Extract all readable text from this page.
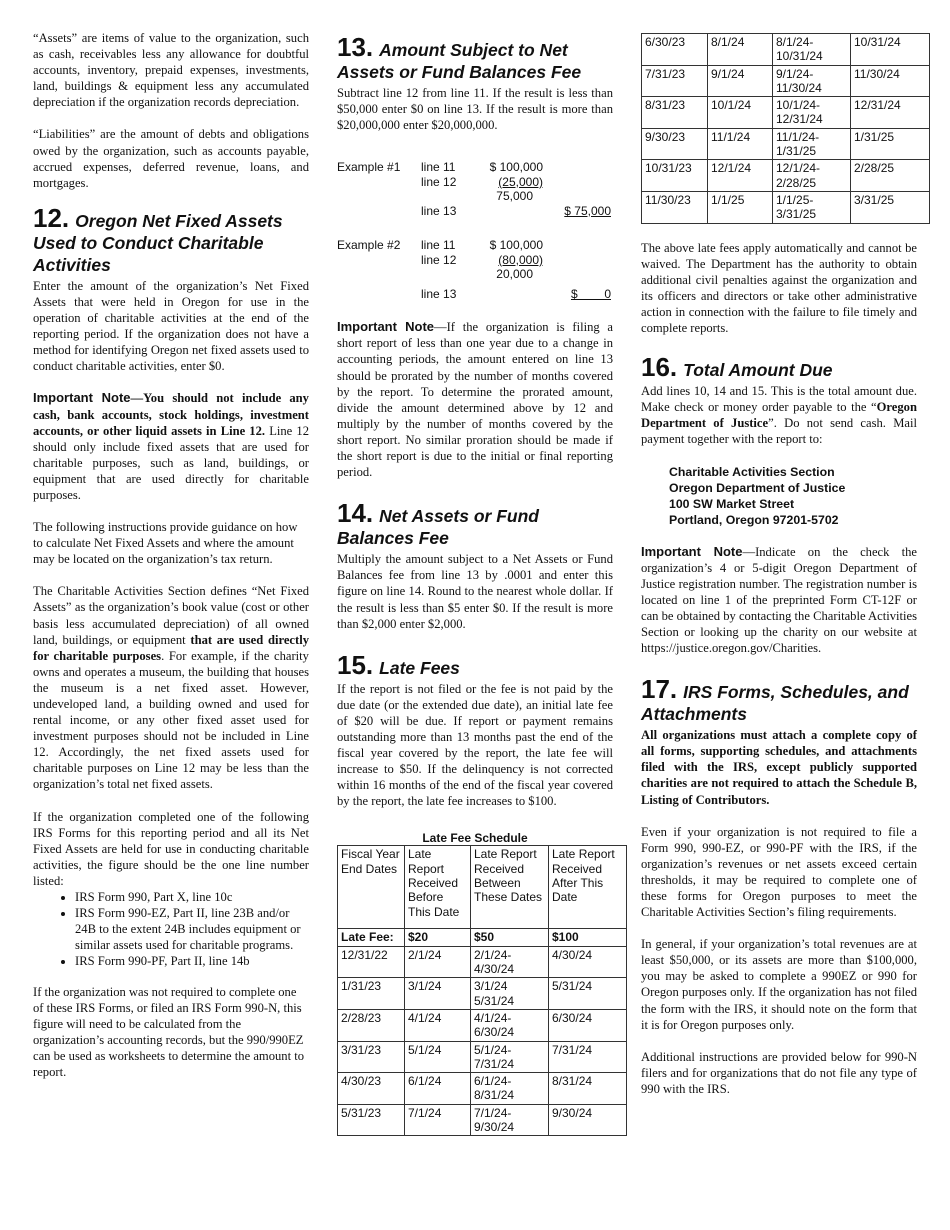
“Assets” are items of value to the organization, such as cash, receivables less any allowance for doubtful accounts, inventory, prepaid expenses, investments, land, buildings & equipment less any accumulated depreciation if the organization records depreciation.

“Liabilities” are the amount of debts and obligations owed by the organization, such as accounts payable, accrued expenses, deferred revenue, loans, and mortgages.

12. Oregon Net Fixed Assets Used to Conduct Charitable Activities

Enter the amount of the organization’s Net Fixed Assets that were held in Oregon for use in the operation of charitable activities at the end of the reporting period. If the organization does not have a method for identifying Oregon net fixed assets used to conduct charitable activities, enter $0.

Important Note—You should not include any cash, bank accounts, stock holdings, investment accounts, or other liquid assets in Line 12. Line 12 should only include fixed assets that are used for charitable purposes, such as land, buildings, or equipment that are used directly for charitable purposes.

The following instructions provide guidance on how to calculate Net Fixed Assets and where the amount may be located on the organization’s tax return.

The Charitable Activities Section defines “Net Fixed Assets” as the organization’s book value (cost or other basis less accumulated depreciation) of all owned land, buildings, or equipment that are used directly for charitable purposes. For example, if the charity owns and operates a museum, the building that houses the museum is a net fixed asset. However, undeveloped land, a building owned and used for rental income, or any other fixed asset used for investment purposes should not be included in Line 12. Accordingly, the net fixed assets used for charitable purposes on Line 12 may be less than the organization’s total net fixed assets.

If the organization completed one of the following IRS Forms for this reporting period and all its Net Fixed Assets are held for use in conducting charitable activities, the figure should be the one line number listed:

• IRS Form 990, Part X, line 10c
• IRS Form 990-EZ, Part II, line 23B and/or 24B to the extent 24B includes equipment or similar assets used for charitable programs.
• IRS Form 990-PF, Part II, line 14b

If the organization was not required to complete one of these IRS Forms, or filed an IRS Form 990-N, this figure will need to be calculated from the organization’s accounting records, but the 990/990EZ can be used as worksheets to determine the amount to report.

13. Amount Subject to Net Assets or Fund Balances Fee

Subtract line 12 from line 11. If the result is less than $50,000 enter $0 on line 13. If the result is more than $20,000,000 enter $20,000,000.

Example #1 line 11	$ 100,000
line 12	(25,000)
75,000
line 13	$ 75,000
Example #2 line 11	$ 100,000
line 12	(80,000)
20,000
line 13	$        0

Important Note—If the organization is filing a short report of less than one year due to a change in accounting periods, the amount entered on line 13 should be prorated by the number of months covered by the report. To determine the prorated amount, divide the amount determined above by 12 and multiply by the number of months covered by the short report. No similar proration should be made if the short report is due to the initial or final reporting period.

14. Net Assets or Fund Balances Fee

Multiply the amount subject to a Net Assets or Fund Balances fee from line 13 by .0001 and enter this figure on line 14. Round to the nearest whole dollar. If the result is less than $5 enter $0. If the result is more than $2,000 enter $2,000.

15. Late Fees

If the report is not filed or the fee is not paid by the due date (or the extended due date), an initial late fee of $20 will be due. If report or payment remains outstanding more than 13 months past the end of the fiscal year covered by the report, the late fee will increase to $50. If the delinquency is not corrected within 16 months of the end of the fiscal year covered by the report, the late fee increases to $100.

Late Fee Schedule
Fiscal Year End Dates	Late Report Received Before This Date	Late Report Received Between These Dates	Late Report Received After This Date
Late Fee:	$20	$50	$100
12/31/22	2/1/24	2/1/24-4/30/24	4/30/24
1/31/23	3/1/24	3/1/24 5/31/24	5/31/24
2/28/23	4/1/24	4/1/24-6/30/24	6/30/24
3/31/23	5/1/24	5/1/24-7/31/24	7/31/24
4/30/23	6/1/24	6/1/24-8/31/24	8/31/24
5/31/23	7/1/24	7/1/24-9/30/24	9/30/24
6/30/23	8/1/24	8/1/24-10/31/24	10/31/24
7/31/23	9/1/24	9/1/24-11/30/24	11/30/24
8/31/23	10/1/24	10/1/24-12/31/24	12/31/24
9/30/23	11/1/24	11/1/24-1/31/25	1/31/25
10/31/23	12/1/24	12/1/24-2/28/25	2/28/25
11/30/23	1/1/25	1/1/25-3/31/25	3/31/25

The above late fees apply automatically and cannot be waived. The Department has the authority to obtain additional civil penalties against the organization and its officers and directors or take other administrative action in connection with the failure to file timely and complete reports.

16. Total Amount Due

Add lines 10, 14 and 15. This is the total amount due. Make check or money order payable to the “Oregon Department of Justice”. Do not send cash. Mail payment together with the report to:

Charitable Activities Section
Oregon Department of Justice
100 SW Market Street
Portland, Oregon 97201-5702

Important Note—Indicate on the check the organization’s 4 or 5-digit Oregon Department of Justice registration number. The registration number is located on line 1 of the preprinted Form CT-12F or can be obtained by contacting the Charitable Activities Section or looking up the charity on our website at https://justice.oregon.gov/Charities.

17. IRS Forms, Schedules, and Attachments

All organizations must attach a complete copy of all forms, supporting schedules, and attachments filed with the IRS, except publicly supported charities are not required to attach the Schedule B, Listing of Contributors.

Even if your organization is not required to file a Form 990, 990-EZ, or 990-PF with the IRS, if the organization’s revenues or net assets exceed certain thresholds, it may be required to complete one of these forms for Oregon purposes to meet the Charitable Activities Section’s filing requirements.

In general, if your organization’s total revenues are at least $50,000, or its assets are more than $100,000, you may be asked to complete a 990EZ or 990 for Oregon purposes only. If the organization has not filed the form with the IRS, it should note on the form that it is for Oregon purposes only.

Additional instructions are provided below for 990-N filers and for organizations that do not file any type of 990 with the IRS.
